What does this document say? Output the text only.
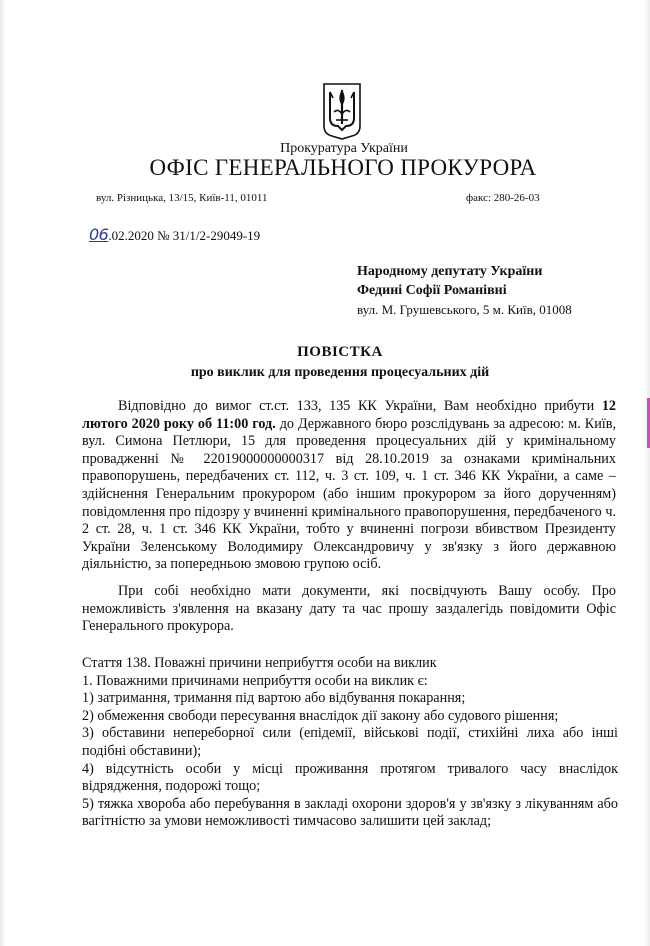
Прокуратура України
ОФІС ГЕНЕРАЛЬНОГО ПРОКУРОРА
вул. Різницька, 13/15, Київ-11, 01011	факс: 280-26-03
06.02.2020 № 31/1/2-29049-19
Народному депутату України
Федині Софії Романівні
вул. М. Грушевського, 5 м. Київ, 01008
ПОВІСТКА
про виклик для проведення процесуальних дій

Відповідно до вимог ст.ст. 133, 135 КК України, Вам необхідно прибути 12 лютого 2020 року об 11:00 год. до Державного бюро розслідувань за адресою: м. Київ, вул. Симона Петлюри, 15 для проведення процесуальних дій у кримінальному провадженні № 22019000000000317 від 28.10.2019 за ознаками кримінальних правопорушень, передбачених ст. 112, ч. 3 ст. 109, ч. 1 ст. 346 КК України, а саме – здійснення Генеральним прокурором (або іншим прокурором за його дорученням) повідомлення про підозру у вчиненні кримінального правопорушення, передбаченого ч. 2 ст. 28, ч. 1 ст. 346 КК України, тобто у вчиненні погрози вбивством Президенту України Зеленському Володимиру Олександровичу у зв'язку з його державною діяльністю, за попередньою змовою групою осіб.

При собі необхідно мати документи, які посвідчують Вашу особу. Про неможливість з'явлення на вказану дату та час прошу заздалегідь повідомити Офіс Генерального прокурора.

Стаття 138. Поважні причини неприбуття особи на виклик

1. Поважними причинами неприбуття особи на виклик є:

1) затримання, тримання під вартою або відбування покарання;

2) обмеження свободи пересування внаслідок дії закону або судового рішення;

3) обставини непереборної сили (епідемії, військові події, стихійні лиха або інші подібні обставини);

4) відсутність особи у місці проживання протягом тривалого часу внаслідок відрядження, подорожі тощо;

5) тяжка хвороба або перебування в закладі охорони здоров'я у зв'язку з лікуванням або вагітністю за умови неможливості тимчасово залишити цей заклад;
